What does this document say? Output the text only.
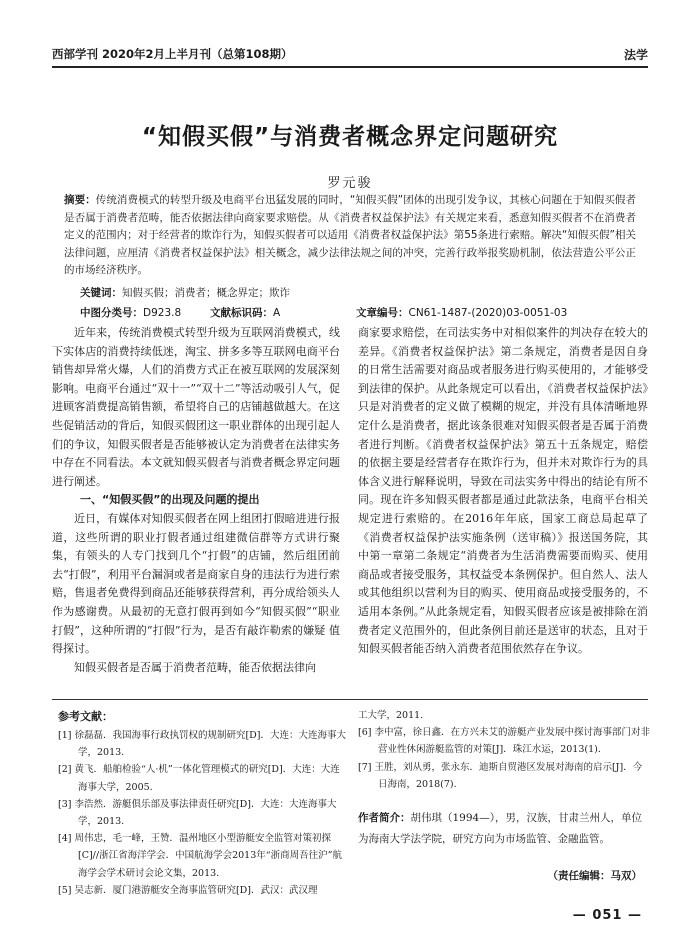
西部学刊 2020年2月上半月刊（总第108期）	法学
“知假买假”与消费者概念界定问题研究
罗元骏
摘要：传统消费模式的转型升级及电商平台迅猛发展的同时，“知假买假”团体的出现引发争议，其核心问题在于知假买假者是否属于消费者范畴，能否依据法律向商家要求赔偿。从《消费者权益保护法》有关规定来看，悉意知假买假者不在消费者定义的范围内；对于经营者的欺诈行为，知假买假者可以适用《消费者权益保护法》第55条进行索赔。解决“知假买假”相关法律问题，应厘清《消费者权益保护法》相关概念，减少法律法规之间的冲突，完善行政举报奖励机制，依法营造公平公正的市场经济秩序。
关键词：知假买假；消费者；概念界定；欺诈
中图分类号：D923.8	文献标识码：A	文章编号：CN61-1487-(2020)03-0051-03

近年来，传统消费模式转型升级为互联网消费模式，线下实体店的消费持续低迷，淘宝、拼多多等互联网电商平台销售却异常火爆，人们的消费方式正在被互联网的发展深刻影响。电商平台通过“双十一”“双十二”等活动吸引人气，促进顾客消费提高销售额，希望将自己的店铺越做越大。在这些促销活动的背后，知假买假团这一职业群体的出现引起人们的争议，知假买假者是否能够被认定为消费者在法律实务中存在不同看法。本文就知假买假者与消费者概念界定问题进行阐述。

一、“知假买假”的出现及问题的提出

近日，有媒体对知假买假者在网上组团打假暗进进行报道，这些所谓的职业打假者通过组建微信群等方式讲行聚集，有领头的人专门找到几个“打假”的店铺，然后组团前去“打假”，利用平台漏洞或者是商家自身的违法行为进行索赔，售退者免费得到商品还能够获得营利，再分成给领头人作为感谢费。从最初的无意打假再到如今“知假买假”“职业打假”，这种所谓的“打假”行为，是否有敲诈勒索的嫌疑 值得探讨。

知假买假者是否属于消费者范畴，能否依据法律向

商家要求赔偿，在司法实务中对相似案件的判决存在较大的差异。《消费者权益保护法》第二条规定，消费者是因自身的日常生活需要对商品或者服务进行购买使用的，才能够受到法律的保护。从此条规定可以看出，《消费者权益保护法》只是对消费者的定义做了模糊的规定，并没有具体清晰地界定什么是消费者，据此该条很难对知假买假者是否属于消费者进行判断。《消费者权益保护法》第五十五条规定，赔偿的依据主要是经营者存在欺诈行为，但并未对欺诈行为的具体含义进行解释说明，导致在司法实务中得出的结论有所不同。现在许多知假买假者都是通过此款法条，电商平台相关规定进行索赔的。在2016年年底，国家工商总局起草了《消费者权益保护法实施条例（送审稿）》报送国务院，其中第一章第二条规定“消费者为生活消费需要而购买、使用商品或者接受服务，其权益受本条例保护。但自然人、法人或其他组织以营利为目的购买、使用商品或接受服务的，不适用本条例。”从此条规定看，知假买假者应该是被排除在消费者定义范围外的，但此条例目前还是送审的状态，且对于知假买假者能否纳入消费者范围依然存在争议。

参考文献：
[1] 徐磊磊．我国海事行政执罚权的规制研究[D]．大连：大连海事大学，2013.
[2] 黄飞．船舶检验“人·机”一体化管理模式的研究[D]．大连：大连海事大学，2005.
[3] 李浩然．游艇俱乐部及事法律责任研究[D]．大连：大连海事大学，2013.
[4] 周伟忠，毛一峰，王赞．温州地区小型游艇安全监管对策初探[C]//浙江省海洋学会．中国航海学会2013年“浙商周吾往沪”航海学会学术研讨会论文集，2013.
[5] 吴志新．厦门港游艇安全海事监管研究[D]．武汉：武汉理
工大学，2011.
[6] 李中富，徐日鑫．在方兴未艾的游艇产业发展中探讨海事部门对非营业性休闲游艇监管的对策[J]．珠江水运，2013(1).
[7] 王胜，刘从勇，张永东．迪斯自贸港区发展对海南的启示[J]．今日海南，2018(7).
作者简介：胡伟琪（1994—），男，汉族，甘肃兰州人，单位为海南大学法学院，研究方向为市场监管、金融监管。
（责任编辑：马双）
— 051 —
